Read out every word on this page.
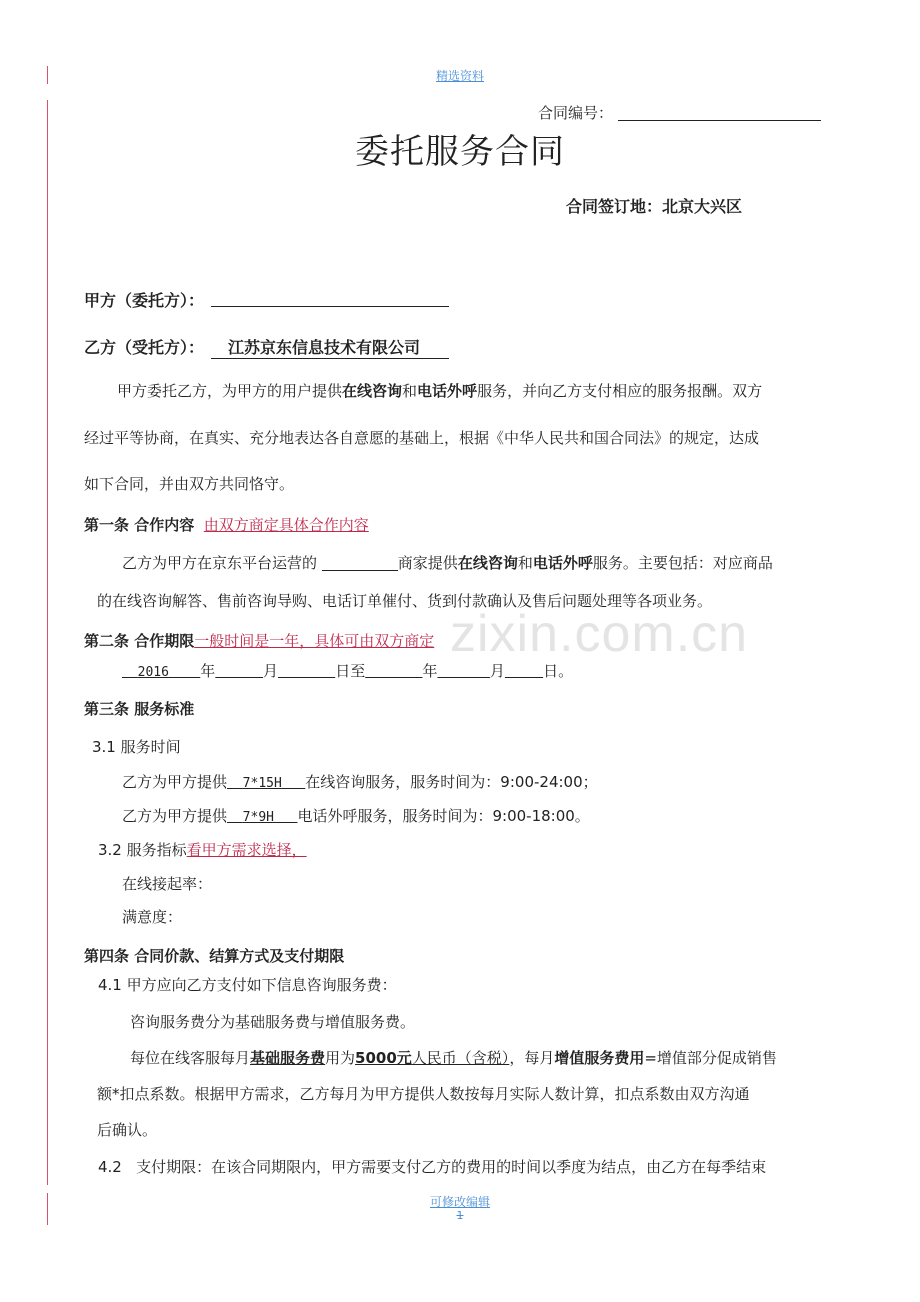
精选资料
合同编号：
委托服务合同
合同签订地：北京大兴区
甲方（委托方）：
乙方（受托方）：	江苏京东信息技术有限公司
甲方委托乙方，为甲方的用户提供在线咨询和电话外呼服务，并向乙方支付相应的服务报酬。双方
经过平等协商，在真实、充分地表达各自意愿的基础上，根据《中华人民共和国合同法》的规定，达成
如下合同，并由双方共同恪守。
第一条 合作内容 由双方商定具体合作内容
乙方为甲方在京东平台运营的	商家提供在线咨询和电话外呼服务。主要包括：对应商品
的在线咨询解答、售前咨询导购、电话订单催付、货到付款确认及售后问题处理等各项业务。
zixin.com.cn
第二条 合作期限一般时间是一年，具体可由双方商定
2016 年	月	日至	年	月	日。
第三条 服务标准
3.1 服务时间
乙方为甲方提供 7*15H 在线咨询服务，服务时间为：9:00-24:00；
乙方为甲方提供 7*9H 电话外呼服务，服务时间为：9:00-18:00。
3.2 服务指标看甲方需求选择，
在线接起率：
满意度：
第四条 合同价款、结算方式及支付期限
4.1 甲方应向乙方支付如下信息咨询服务费：
咨询服务费分为基础服务费与增值服务费。
每位在线客服每月基础服务费用为5000元人民币（含税），每月增值服务费用=增值部分促成销售
额*扣点系数。根据甲方需求，乙方每月为甲方提供人数按每月实际人数计算，扣点系数由双方沟通
后确认。
4.2 支付期限：在该合同期限内，甲方需要支付乙方的费用的时间以季度为结点，由乙方在每季结束
可修改编辑
1
